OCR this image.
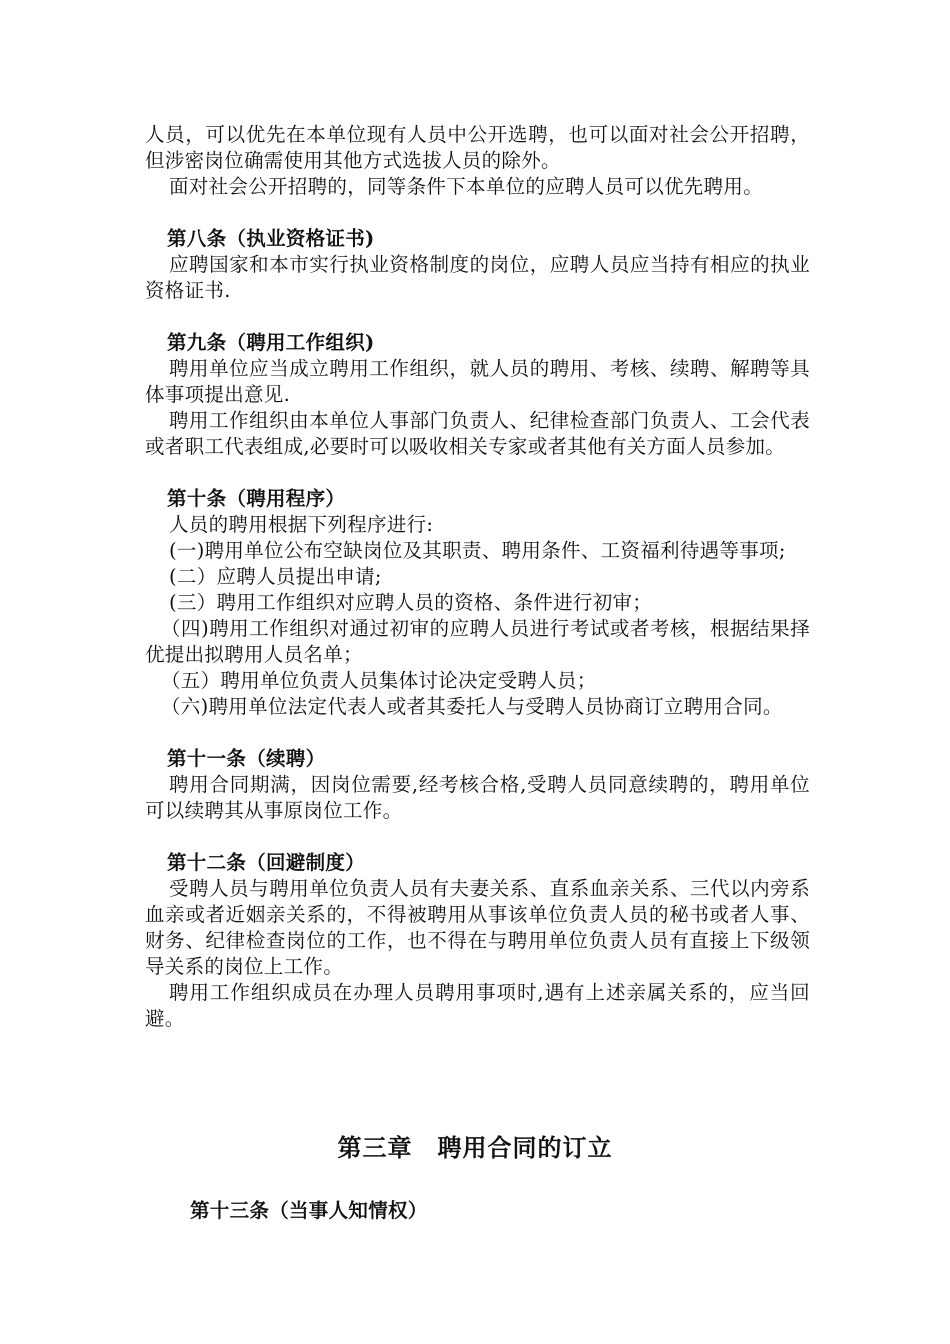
人员，可以优先在本单位现有人员中公开选聘，也可以面对社会公开招聘，但涉密岗位确需使用其他方式选拔人员的除外。

面对社会公开招聘的，同等条件下本单位的应聘人员可以优先聘用。

第八条（执业资格证书)

应聘国家和本市实行执业资格制度的岗位，应聘人员应当持有相应的执业资格证书.

第九条（聘用工作组织)

聘用单位应当成立聘用工作组织，就人员的聘用、考核、续聘、解聘等具体事项提出意见.

聘用工作组织由本单位人事部门负责人、纪律检查部门负责人、工会代表或者职工代表组成,必要时可以吸收相关专家或者其他有关方面人员参加。

第十条（聘用程序）

人员的聘用根据下列程序进行:

(一)聘用单位公布空缺岗位及其职责、聘用条件、工资福利待遇等事项;

(二）应聘人员提出申请;

(三）聘用工作组织对应聘人员的资格、条件进行初审；

（四)聘用工作组织对通过初审的应聘人员进行考试或者考核，根据结果择优提出拟聘用人员名单；

（五）聘用单位负责人员集体讨论决定受聘人员；

（六)聘用单位法定代表人或者其委托人与受聘人员协商订立聘用合同。

第十一条（续聘）

聘用合同期满，因岗位需要,经考核合格,受聘人员同意续聘的，聘用单位可以续聘其从事原岗位工作。

第十二条（回避制度）

受聘人员与聘用单位负责人员有夫妻关系、直系血亲关系、三代以内旁系血亲或者近姻亲关系的，不得被聘用从事该单位负责人员的秘书或者人事、财务、纪律检查岗位的工作，也不得在与聘用单位负责人员有直接上下级领导关系的岗位上工作。

聘用工作组织成员在办理人员聘用事项时,遇有上述亲属关系的，应当回避。

第三章　聘用合同的订立

第十三条（当事人知情权）
